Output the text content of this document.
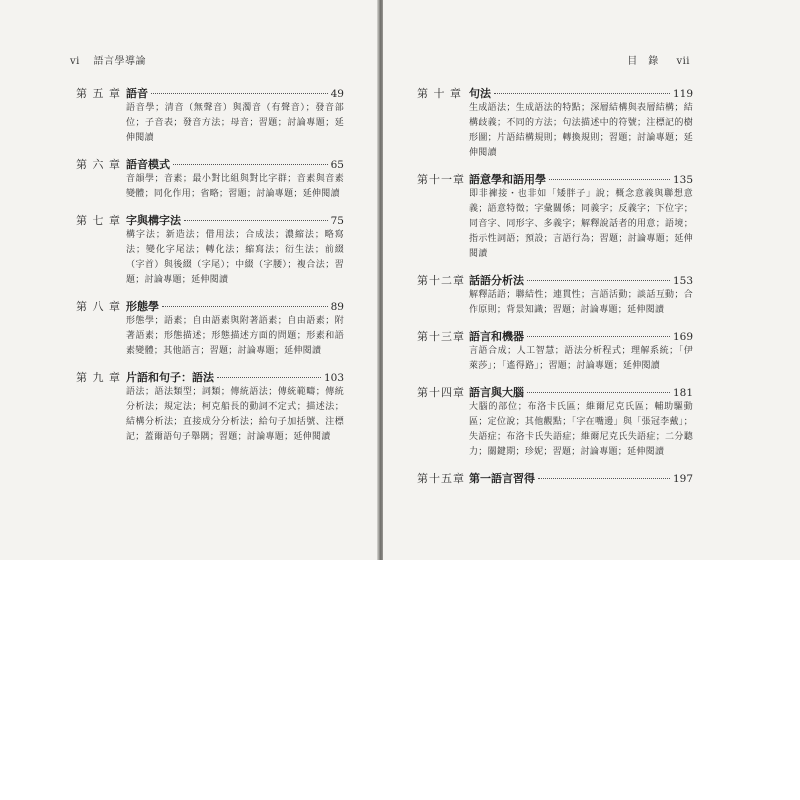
vi 語言學導論
第 五 章 語音	49
語音學；清音（無聲音）與濁音（有聲音）；發音部位；子音表；發音方法；母音；習題；討論專題；延伸閱讀
第 六 章 語音模式	65
音韻學；音素；最小對比組與對比字群；音素與音素變體；同化作用；省略；習題；討論專題；延伸閱讀
第 七 章 字與構字法	75
構字法；新造法；借用法；合成法；濃縮法；略寫法；變化字尾法；轉化法；縮寫法；衍生法；前綴（字首）與後綴（字尾）；中綴（字腰）；複合法；習題；討論專題；延伸閱讀
第 八 章 形態學	89
形態學；語素；自由語素與附著語素；自由語素；附著語素；形態描述；形態描述方面的問題；形素和語素變體；其他語言；習題；討論專題；延伸閱讀
第 九 章 片語和句子：語法	103
語法；語法類型；詞類；傳統語法；傳統範疇；傳統分析法；規定法；柯克船長的動詞不定式；描述法；結構分析法；直接成分分析法；給句子加括號、注標記；蓋爾語句子舉隅；習題；討論專題；延伸閱讀
目　錄 vii
第 十 章 句法	119
生成語法；生成語法的特點；深層結構與表層結構；結構歧義；不同的方法；句法描述中的符號；注標記的樹形圖；片語結構規則；轉換規則；習題；討論專題；延伸閱讀
第十一章 語意學和語用學	135
即非褲接・也非如「矮胖子」說；概念意義與聯想意義；語意特徵；字彙關係；同義字；反義字；下位字；同音字、同形字、多義字；解釋說話者的用意；語境；指示性詞語；預設；言語行為；習題；討論專題；延伸閱讀
第十二章 話語分析法	153
解釋話語；聯結性；連貫性；言語活動；談話互動；合作原則；背景知識；習題；討論專題；延伸閱讀
第十三章 語言和機器	169
言語合成；人工智慧；語法分析程式；理解系統；「伊萊莎」；「遙得路」；習題；討論專題；延伸閱讀
第十四章 語言與大腦	181
大腦的部位；布洛卡氏區；維爾尼克氏區；輔助驅動區；定位說；其他觀點；「字在嘴邊」與「張冠李戴」；失語症；布洛卡氏失語症；維爾尼克氏失語症；二分聽力；關鍵期；珍妮；習題；討論專題；延伸閱讀
第十五章 第一語言習得	197
